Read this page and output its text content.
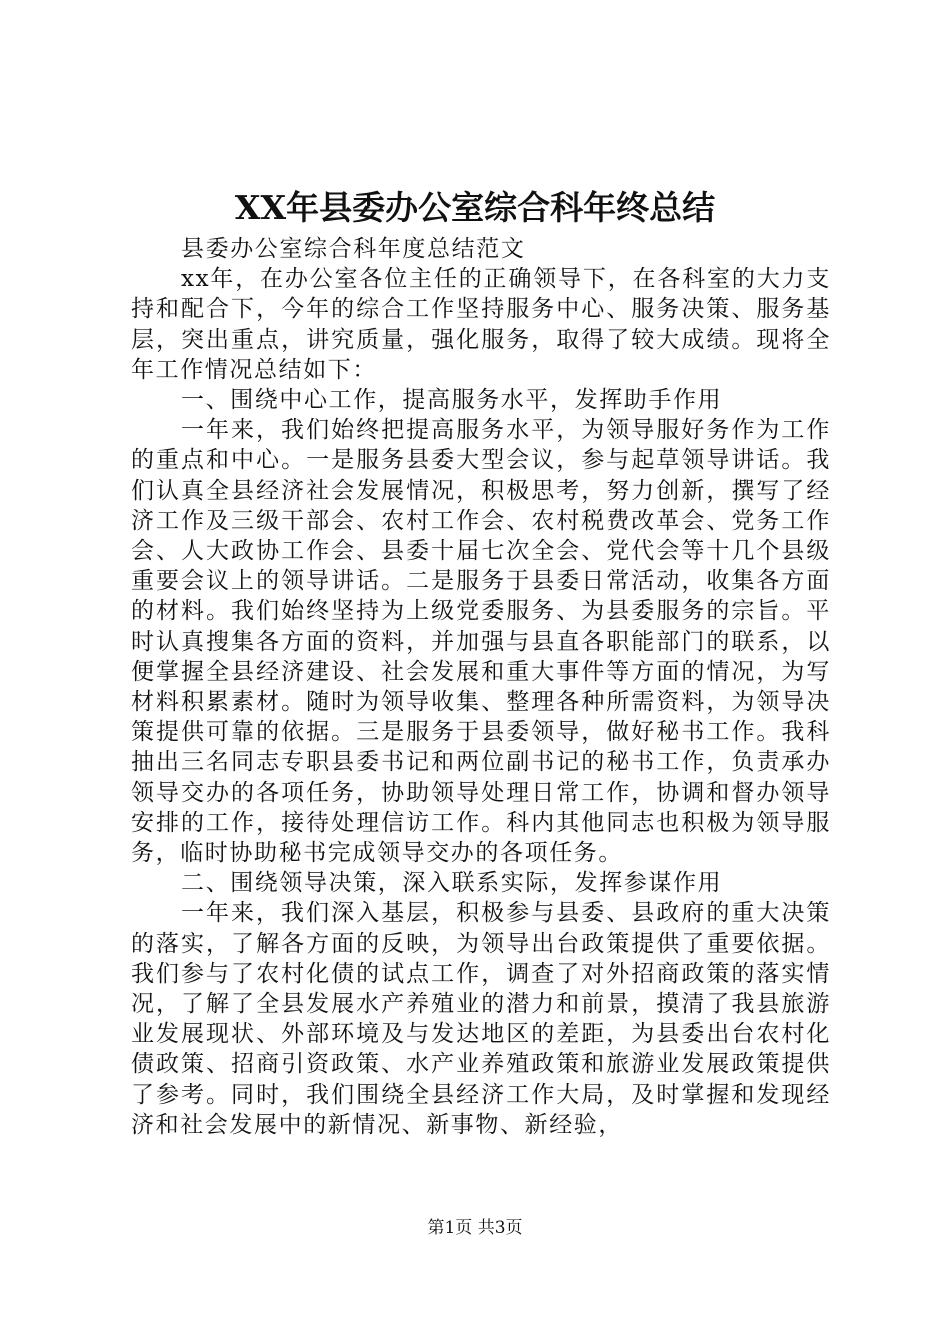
XX年县委办公室综合科年终总结

县委办公室综合科年度总结范文

xx年，在办公室各位主任的正确领导下，在各科室的大力支持和配合下，今年的综合工作坚持服务中心、服务决策、服务基层，突出重点，讲究质量，强化服务，取得了较大成绩。现将全年工作情况总结如下：

一、围绕中心工作，提高服务水平，发挥助手作用

一年来，我们始终把提高服务水平，为领导服好务作为工作的重点和中心。一是服务县委大型会议，参与起草领导讲话。我们认真全县经济社会发展情况，积极思考，努力创新，撰写了经济工作及三级干部会、农村工作会、农村税费改革会、党务工作会、人大政协工作会、县委十届七次全会、党代会等十几个县级重要会议上的领导讲话。二是服务于县委日常活动，收集各方面的材料。我们始终坚持为上级党委服务、为县委服务的宗旨。平时认真搜集各方面的资料，并加强与县直各职能部门的联系，以便掌握全县经济建设、社会发展和重大事件等方面的情况，为写材料积累素材。随时为领导收集、整理各种所需资料，为领导决策提供可靠的依据。三是服务于县委领导，做好秘书工作。我科抽出三名同志专职县委书记和两位副书记的秘书工作，负责承办领导交办的各项任务，协助领导处理日常工作，协调和督办领导安排的工作，接待处理信访工作。科内其他同志也积极为领导服务，临时协助秘书完成领导交办的各项任务。

二、围绕领导决策，深入联系实际，发挥参谋作用

一年来，我们深入基层，积极参与县委、县政府的重大决策的落实，了解各方面的反映，为领导出台政策提供了重要依据。我们参与了农村化债的试点工作，调查了对外招商政策的落实情况，了解了全县发展水产养殖业的潜力和前景，摸清了我县旅游业发展现状、外部环境及与发达地区的差距，为县委出台农村化债政策、招商引资政策、水产业养殖政策和旅游业发展政策提供了参考。同时，我们围绕全县经济工作大局，及时掌握和发现经济和社会发展中的新情况、新事物、新经验，

第1页 共3页
